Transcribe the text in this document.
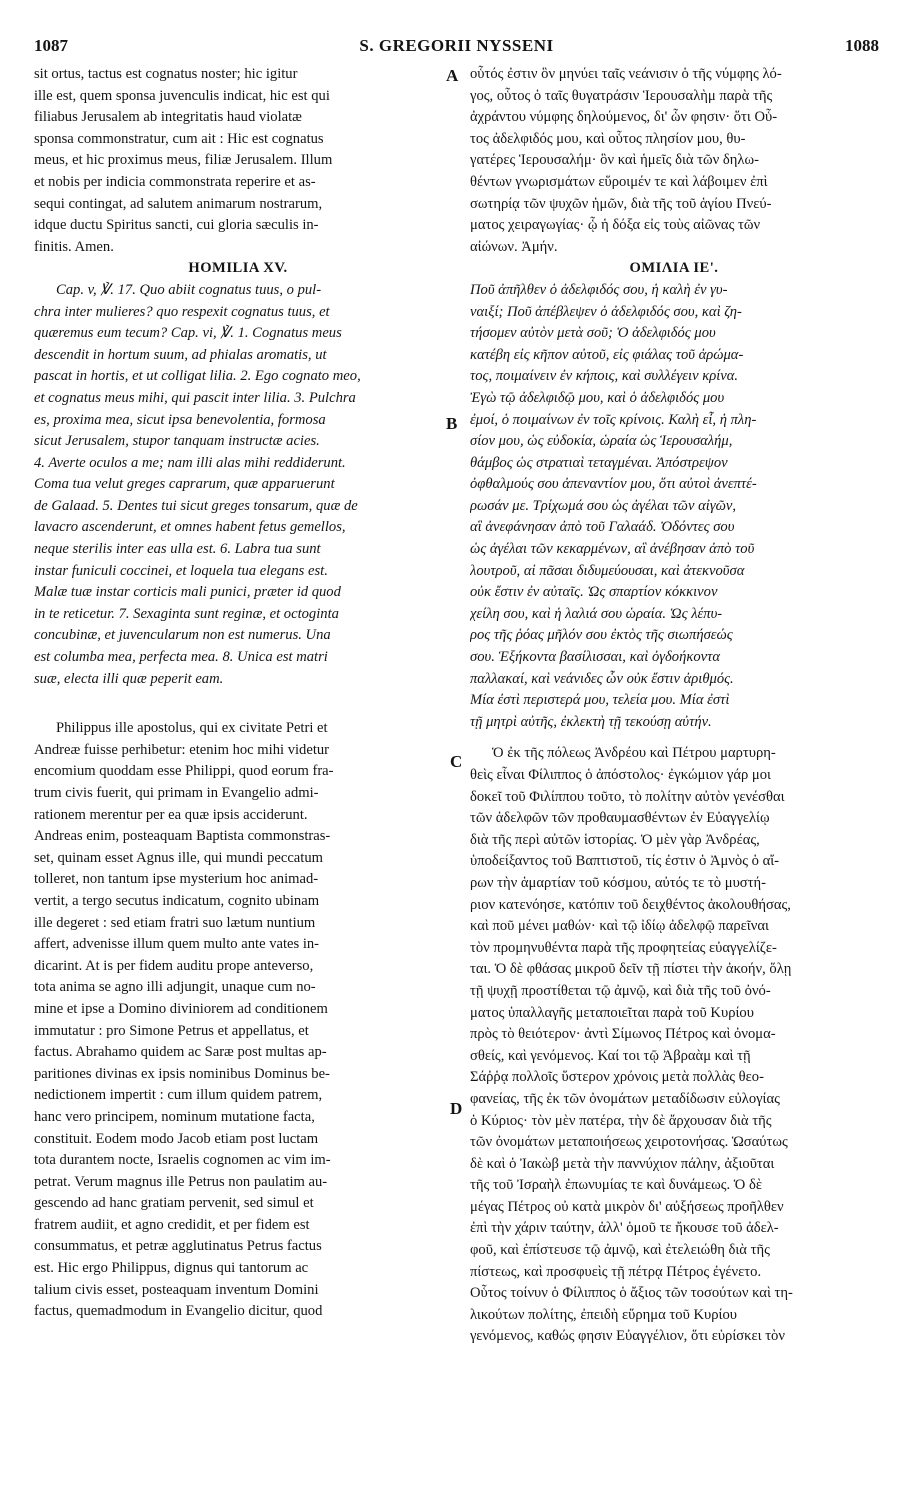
1087	S. GREGORII NYSSENI	1088
A
B
C
D
sit ortus, tactus est cognatus noster; hic igitur
ille est, quem sponsa juvenculis indicat, hic est qui
filiabus Jerusalem ab integritatis haud violatæ
sponsa commonstratur, cum ait : Hic est cognatus
meus, et hic proximus meus, filiæ Jerusalem. Illum
et nobis per indicia commonstrata reperire et as-
sequi contingat, ad salutem animarum nostrarum,
idque ductu Spiritus sancti, cui gloria sæculis in-
finitis. Amen.
HOMILIA XV.
Cap. v, ℣. 17. Quo abiit cognatus tuus, o pul-
chra inter mulieres? quo respexit cognatus tuus, et
quæremus eum tecum? Cap. vi, ℣. 1. Cognatus meus
descendit in hortum suum, ad phialas aromatis, ut
pascat in hortis, et ut colligat lilia. 2. Ego cognato meo,
et cognatus meus mihi, qui pascit inter lilia. 3. Pulchra
es, proxima mea, sicut ipsa benevolentia, formosa
sicut Jerusalem, stupor tanquam instructæ acies.
4. Averte oculos a me; nam illi alas mihi reddiderunt.
Coma tua velut greges caprarum, quæ apparuerunt
de Galaad. 5. Dentes tui sicut greges tonsarum, quæ de
lavacro ascenderunt, et omnes habent fetus gemellos,
neque sterilis inter eas ulla est. 6. Labra tua sunt
instar funiculi coccinei, et loquela tua elegans est.
Malæ tuæ instar corticis mali punici, præter id quod
in te reticetur. 7. Sexaginta sunt reginæ, et octoginta
concubinæ, et juvencularum non est numerus. Una
est columba mea, perfecta mea. 8. Unica est matri
suæ, electa illi quæ peperit eam.
Philippus ille apostolus, qui ex civitate Petri et
Andreæ fuisse perhibetur: etenim hoc mihi videtur
encomium quoddam esse Philippi, quod eorum fra-
trum civis fuerit, qui primam in Evangelio admi-
rationem merentur per ea quæ ipsis acciderunt.
Andreas enim, posteaquam Baptista commonstras-
set, quinam esset Agnus ille, qui mundi peccatum
tolleret, non tantum ipse mysterium hoc animad-
vertit, a tergo secutus indicatum, cognito ubinam
ille degeret : sed etiam fratri suo lætum nuntium
affert, advenisse illum quem multo ante vates in-
dicarint. At is per fidem auditu prope anteverso,
tota anima se agno illi adjungit, unaque cum no-
mine et ipse a Domino diviniorem ad conditionem
immutatur : pro Simone Petrus et appellatus, et
factus. Abrahamo quidem ac Saræ post multas ap-
paritiones divinas ex ipsis nominibus Dominus be-
nedictionem impertit : cum illum quidem patrem,
hanc vero principem, nominum mutatione facta,
constituit. Eodem modo Jacob etiam post luctam
tota durantem nocte, Israelis cognomen ac vim im-
petrat. Verum magnus ille Petrus non paulatim au-
gescendo ad hanc gratiam pervenit, sed simul et
fratrem audiit, et agno credidit, et per fidem est
consummatus, et petræ agglutinatus Petrus factus
est. Hic ergo Philippus, dignus qui tantorum ac
talium civis esset, posteaquam inventum Domini
factus, quemadmodum in Evangelio dicitur, quod
οὗτός ἐστιν ὃν μηνύει ταῖς νεάνισιν ὁ τῆς νύμφης λό-
γος, οὗτος ὁ ταῖς θυγατράσιν Ἱερουσαλὴμ παρὰ τῆς
ἀχράντου νύμφης δηλούμενος, δι' ὧν φησιν· ὅτι Οὗ-
τος ἀδελφιδός μου, καὶ οὗτος πλησίον μου, θυ-
γατέρες Ἱερουσαλήμ· ὃν καὶ ἡμεῖς διὰ τῶν δηλω-
θέντων γνωρισμάτων εὕροιμέν τε καὶ λάβοιμεν ἐπὶ
σωτηρίᾳ τῶν ψυχῶν ἡμῶν, διὰ τῆς τοῦ ἁγίου Πνεύ-
ματος χειραγωγίας· ᾧ ἡ δόξα εἰς τοὺς αἰῶνας τῶν
αἰώνων. Ἀμήν.
ΟΜΙΛΙΑ ΙΕ'.
Ποῦ ἀπῆλθεν ὁ ἀδελφιδός σου, ἡ καλὴ ἐν γυ-
ναιξί; Ποῦ ἀπέβλεψεν ὁ ἀδελφιδός σου, καὶ ζη-
τήσομεν αὐτὸν μετὰ σοῦ; Ὁ ἀδελφιδός μου
κατέβη εἰς κῆπον αὐτοῦ, εἰς φιάλας τοῦ ἀρώμα-
τος, ποιμαίνειν ἐν κήποις, καὶ συλλέγειν κρίνα.
Ἐγὼ τῷ ἀδελφιδῷ μου, καὶ ὁ ἀδελφιδός μου
ἐμοί, ὁ ποιμαίνων ἐν τοῖς κρίνοις. Καλὴ εἶ, ἡ πλη-
σίον μου, ὡς εὐδοκία, ὡραία ὡς Ἱερουσαλήμ,
θάμβος ὡς στρατιαὶ τεταγμέναι. Ἀπόστρεψον
ὀφθαλμούς σου ἀπεναντίον μου, ὅτι αὐτοὶ ἀνεπτέ-
ρωσάν με. Τρίχωμά σου ὡς ἀγέλαι τῶν αἰγῶν,
αἳ ἀνεφάνησαν ἀπὸ τοῦ Γαλαάδ. Ὀδόντες σου
ὡς ἀγέλαι τῶν κεκαρμένων, αἳ ἀνέβησαν ἀπὸ τοῦ
λουτροῦ, αἱ πᾶσαι διδυμεύουσαι, καὶ ἀτεκνοῦσα
οὐκ ἔστιν ἐν αὐταῖς. Ὡς σπαρτίον κόκκινον
χείλη σου, καὶ ἡ λαλιά σου ὡραία. Ὡς λέπυ-
ρος τῆς ῥόας μῆλόν σου ἐκτὸς τῆς σιωπήσεώς
σου. Ἑξήκοντα βασίλισσαι, καὶ ὀγδοήκοντα
παλλακαί, καὶ νεάνιδες ὧν οὐκ ἔστιν ἀριθμός.
Μία ἐστὶ περιστερά μου, τελεία μου. Μία ἐστὶ
τῇ μητρὶ αὐτῆς, ἐκλεκτὴ τῇ τεκούσῃ αὐτήν.
Ὁ ἐκ τῆς πόλεως Ἀνδρέου καὶ Πέτρου μαρτυρη-
θεὶς εἶναι Φίλιππος ὁ ἀπόστολος· ἐγκώμιον γάρ μοι
δοκεῖ τοῦ Φιλίππου τοῦτο, τὸ πολίτην αὐτὸν γενέσθαι
τῶν ἀδελφῶν τῶν προθαυμασθέντων ἐν Εὐαγγελίῳ
διὰ τῆς περὶ αὐτῶν ἱστορίας. Ὁ μὲν γὰρ Ἀνδρέας,
ὑποδείξαντος τοῦ Βαπτιστοῦ, τίς ἐστιν ὁ Ἀμνὸς ὁ αἴ-
ρων τὴν ἁμαρτίαν τοῦ κόσμου, αὐτός τε τὸ μυστή-
ριον κατενόησε, κατόπιν τοῦ δειχθέντος ἀκολουθήσας,
καὶ ποῦ μένει μαθών· καὶ τῷ ἰδίῳ ἀδελφῷ παρεῖναι
τὸν προμηνυθέντα παρὰ τῆς προφητείας εὐαγγελίζε-
ται. Ὁ δὲ φθάσας μικροῦ δεῖν τῇ πίστει τὴν ἀκοήν, ὅλῃ
τῇ ψυχῇ προστίθεται τῷ ἀμνῷ, καὶ διὰ τῆς τοῦ ὀνό-
ματος ὑπαλλαγῆς μεταποιεῖται παρὰ τοῦ Κυρίου
πρὸς τὸ θειότερον· ἀντὶ Σίμωνος Πέτρος καὶ ὀνομα-
σθείς, καὶ γενόμενος. Καί τοι τῷ Ἀβραὰμ καὶ τῇ
Σάῤῥᾳ πολλοῖς ὕστερον χρόνοις μετὰ πολλὰς θεο-
φανείας, τῆς ἐκ τῶν ὀνομάτων μεταδίδωσιν εὐλογίας
ὁ Κύριος· τὸν μὲν πατέρα, τὴν δὲ ἄρχουσαν διὰ τῆς
τῶν ὀνομάτων μεταποιήσεως χειροτονήσας. Ὡσαύτως
δὲ καὶ ὁ Ἰακὼβ μετὰ τὴν παννύχιον πάλην, ἀξιοῦται
τῆς τοῦ Ἰσραὴλ ἐπωνυμίας τε καὶ δυνάμεως. Ὁ δὲ
μέγας Πέτρος οὐ κατὰ μικρὸν δι' αὐξήσεως προῆλθεν
ἐπὶ τὴν χάριν ταύτην, ἀλλ' ὁμοῦ τε ἤκουσε τοῦ ἀδελ-
φοῦ, καὶ ἐπίστευσε τῷ ἀμνῷ, καὶ ἐτελειώθη διὰ τῆς
πίστεως, καὶ προσφυεὶς τῇ πέτρᾳ Πέτρος ἐγένετο.
Οὗτος τοίνυν ὁ Φίλιππος ὁ ἄξιος τῶν τοσούτων καὶ τη-
λικούτων πολίτης, ἐπειδὴ εὕρημα τοῦ Κυρίου
γενόμενος, καθώς φησιν Εὐαγγέλιον, ὅτι εὑρίσκει τὸν
